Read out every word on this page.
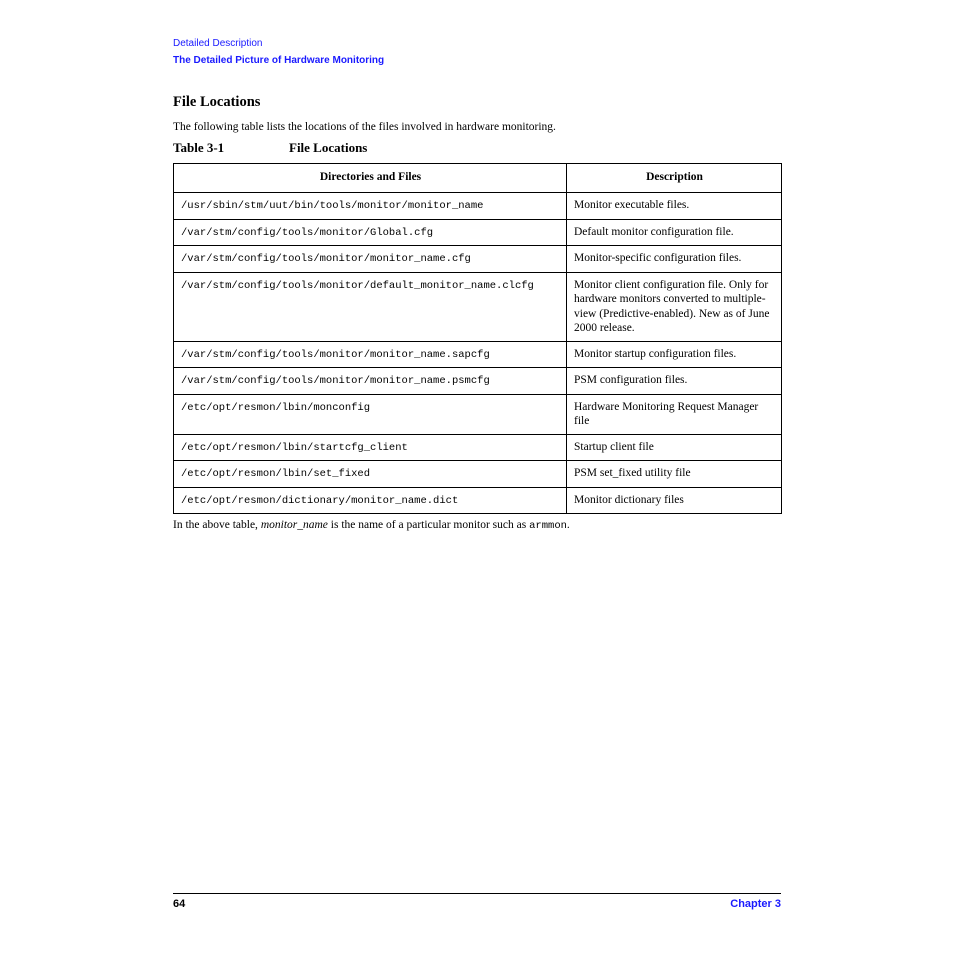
Detailed Description
The Detailed Picture of Hardware Monitoring
File Locations

The following table lists the locations of the files involved in hardware monitoring.

Table 3-1	File Locations
Directories and Files	Description
/usr/sbin/stm/uut/bin/tools/monitor/monitor_name	Monitor executable files.
/var/stm/config/tools/monitor/Global.cfg	Default monitor configuration file.
/var/stm/config/tools/monitor/monitor_name.cfg	Monitor-specific configuration files.
/var/stm/config/tools/monitor/default_monitor_name.clcfg	Monitor client configuration file. Only for hardware monitors converted to multiple-view (Predictive-enabled). New as of June 2000 release.
/var/stm/config/tools/monitor/monitor_name.sapcfg	Monitor startup configuration files.
/var/stm/config/tools/monitor/monitor_name.psmcfg	PSM configuration files.
/etc/opt/resmon/lbin/monconfig	Hardware Monitoring Request Manager file
/etc/opt/resmon/lbin/startcfg_client	Startup client file
/etc/opt/resmon/lbin/set_fixed	PSM set_fixed utility file
/etc/opt/resmon/dictionary/monitor_name.dict	Monitor dictionary files

In the above table, monitor_name is the name of a particular monitor such as armmon.

64	Chapter 3
